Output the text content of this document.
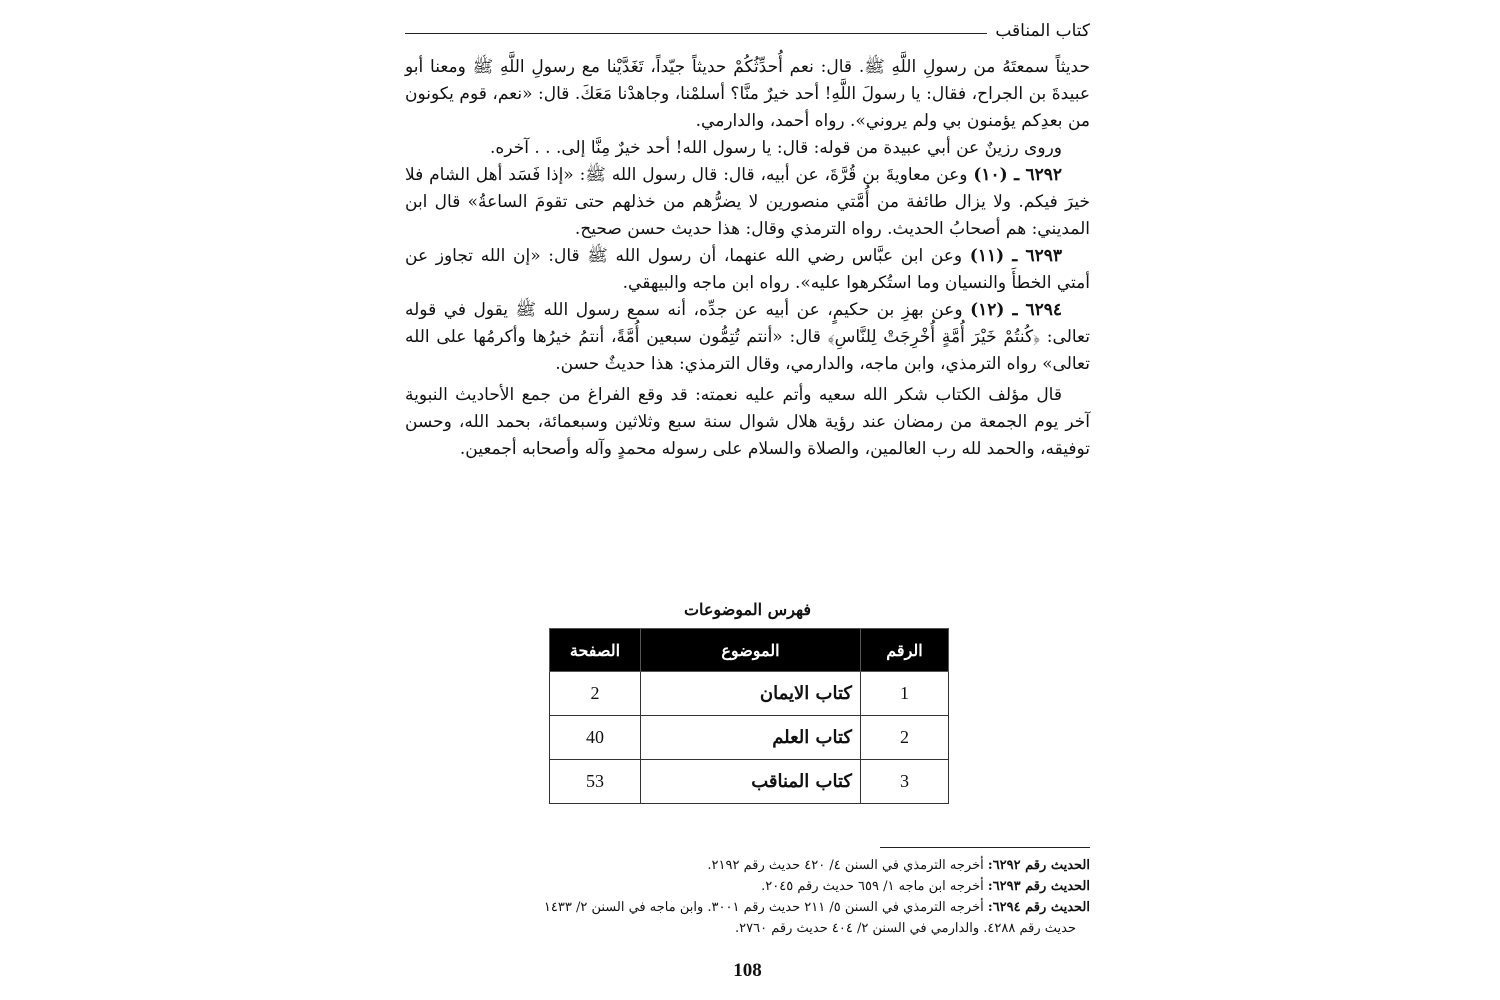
كتاب المناقب

حديثاً سمعتَهُ من رسولِ اللَّهِ ﷺ. قال: نعم أُحدِّثُكُمْ حديثاً جيّداً، تَغَدَّيْنا مع رسولِ اللَّهِ ﷺ ومعنا أبو عبيدةَ بن الجراح، فقال: يا رسولَ اللَّهِ! أحد خيرٌ منَّا؟ أسلمْنا، وجاهدْنا مَعَكَ. قال: «نعم، قوم يكونون من بعدِكم يؤمنون بي ولم يروني». رواه أحمد، والدارمي.

وروى رزينٌ عن أبي عبيدة من قوله: قال: يا رسول الله! أحد خيرٌ مِنَّا إلى. . . آخره.

٦٢٩٢ ـ (١٠) وعن معاويةَ بن قُرَّةَ، عن أبيه، قال: قال رسول الله ﷺ: «إذا فَسَد أهل الشام فلا خيرَ فيكم. ولا يزال طائفة من أُمَّتي منصورين لا يضرُّهم من خذلهم حتى تقومَ الساعةُ» قال ابن المديني: هم أصحابُ الحديث. رواه الترمذي وقال: هذا حديث حسن صحيح.

٦٢٩٣ ـ (١١) وعن ابن عبَّاس رضي الله عنهما، أن رسول الله ﷺ قال: «إن الله تجاوز عن أمتي الخطأَ والنسيان وما استُكرهوا عليه». رواه ابن ماجه والبيهقي.

٦٢٩٤ ـ (١٢) وعن بهزِ بن حكيمٍ، عن أبيه عن جدِّه، أنه سمع رسول الله ﷺ يقول في قوله تعالى: ﴿كُنتُمْ خَيْرَ أُمَّةٍ أُخْرِجَتْ لِلنَّاسِ﴾ قال: «أنتم تُتِمُّون سبعين أُمَّةً، أنتمُ خيرُها وأكرمُها على الله تعالى» رواه الترمذي، وابن ماجه، والدارمي، وقال الترمذي: هذا حديثٌ حسن.

قال مؤلف الكتاب شكر الله سعيه وأتم عليه نعمته: قد وقع الفراغ من جمع الأحاديث النبوية آخر يوم الجمعة من رمضان عند رؤية هلال شوال سنة سبع وثلاثين وسبعمائة، بحمد الله، وحسن توفيقه، والحمد لله رب العالمين، والصلاة والسلام على رسوله محمدٍ وآله وأصحابه أجمعين.

فهرس الموضوعات
الرقم	الموضوع	الصفحة
1	كتاب الايمان	2
2	كتاب العلم	40
3	كتاب المناقب	53

الحديث رقم ٦٢٩٢: أخرجه الترمذي في السنن ٤/ ٤٢٠ حديث رقم ٢١٩٢.

الحديث رقم ٦٢٩٣: أخرجه ابن ماجه ١/ ٦٥٩ حديث رقم ٢٠٤٥.

الحديث رقم ٦٢٩٤: أخرجه الترمذي في السنن ٥/ ٢١١ حديث رقم ٣٠٠١. وابن ماجه في السنن ٢/ ١٤٣٣

حديث رقم ٤٢٨٨. والدارمي في السنن ٢/ ٤٠٤ حديث رقم ٢٧٦٠.

108
